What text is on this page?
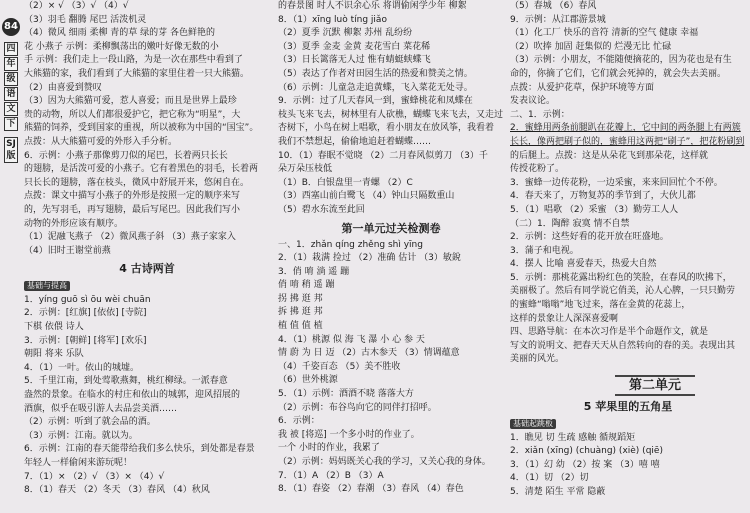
84
四
年
级
语
文
下
SJ版
（2）× √ （3）√ （4）√
（3）羽毛 翻腾 尾巴 活泼机灵
（4）微风 细雨 柔柳 青的草 绿的芽 各色鲜艳的
花 小燕子 示例：柔柳飘荡出的嫩叶好像无数的小
手 示例：我们走上一段山路，为是一次在那些中看到了
大熊猫的家，我们看到了大熊猫的家里住着一只大熊猫。
（2）由喜爱到赞叹
（3）因为大熊猫可爱，惹人喜爱；而且是世界上最珍
贵的动物，所以人们都很爱护它，把它称为“明星”，大
熊猫的饲养，受到国家的重视，所以被称为中国的“国宝”。
点拨：从大熊猫可爱的外形入手分析。
6．示例：小燕子那像剪刀似的尾巴，长着两只长长
的翅膀，是活泼可爱的小燕子。它有着黑色的羽毛，长着两
只长长的翅膀，落在枝头，微风中舒展开来，悠闲自在。
点拨：课文中描写小燕子的外形是按照一定的顺序来写
的，先写羽毛，再写翅膀，最后写尾巴。因此我们写小
动物的外形应该有顺序。
（1）泥融飞燕子 （2）微风燕子斜 （3）燕子家家入
（4）旧时王谢堂前燕
4 古诗两首
基础与提高
1．yíng guō sì ōu wèi chuān
2．示例：[红旗] [依依] [寺院]
下棋 依偎 诗人
3．示例：[朝鲜] [将军] [欢乐]
朝阳 将来 乐队
4．（1）一叶。依山的城墟。
5．千里江南，到处莺歌燕舞，桃红柳绿。一派春意
盎然的景象。在临水的村庄和依山的城郭，迎风招展的
酒旗，似乎在吸引游人去品尝美酒……
（2）示例：听到了就会品的酒。
（3）示例：江南。就以为。
6．示例：江南的春天能带给我们多么快乐，到处都是春景
年轻人一样偷闲来游玩呢！
7．（1）× （2）√ （3）× （4）√
8．（1）春天 （2）冬天 （3）春风 （4）秋风
的春景图 时人不识余心乐 将谓偷闲学少年 柳絮
8．（1）xīng luò tíng jiǎo
（2）夏季 沉默 柳絮 苏州 乱纷纷
（3）夏季 金麦 金黄 麦花雪白 菜花稀
（3）日长篱落无人过 惟有蜻蜓蛱蝶飞
（5）表达了作者对田园生活的热爱和赞美之情。
（6）示例：儿童急走追黄蝶，飞入菜花无处寻。
9．示例：过了几天春风一到，蜜蜂桃花和凤蝶在
枝头飞来飞去，树林里有人砍樵，蝴蝶飞来飞去，又走过
杏树下，小鸟在树上唱歌，看小朋友在放风筝，我看着
我们不禁想起，偷偷地追赶着蝴蝶……
10．（1）春眠不觉晓 （2）二月春风似剪刀 （3）千
朵万朵压枝低
（1）B．白银盘里一青螺 （2）C
（3）西塞山前白鹭飞 （4）钟山只隔数重山
（5）碧水东流至此回
第一单元过关检测卷
一、1．zhǎn qíng zhěng shì yīng
2．（1）栽满 捡过 （2）准确 估计 （3）敏銳
3．俏 唷 淌 遥 蹦
俏 唷 稍 遥 蹦
拐 拂 逛 邦
拆 拂 逛 邦
植 值 值 植
4．（1）桃源 似 海 飞 瀑 小 心 参 天
情 蔚 为 日 迈 （2）古木参天 （3）情调蕴意
（4）千姿百态 （5）美不胜收
（6）世外桃源
5．（1）示例：酒酒不晓 落落大方
（2）示例：布谷鸟向它的同伴打招呼。
6．示例：
我 被 [将巡] 一个多小时的作业了。
一个 小时的作业，我累了
（2）示例：妈妈既关心我的学习，又关心我的身体。
7．（1）A （2）B （3）A
8．（1）春姿 （2）春潮 （3）春风 （4）春色
（5）春城 （6）春风
9．示例：从江郡游景城
（1）化工厂 快乐的音符 清新的空气 健康 幸福
（2）吹捧 加固 赶集似的 烂漫无比 忙碌
（3）示例：小朋友，不能随便摘花的，因为花也是有生
命的，你摘了它们，它们就会死掉的，就会失去美丽。
点拨：从爱护花草，保护环境等方面
发表议论。
二、1．示例：
2．蜜蜂用两条前腿趴在花瓣上，它中间的两条腿上有两簇
长长，像两把刷子似的，蜜蜂用这两把“刷子”，把花粉刷到
的后腿上。点拨：这是从朵花飞到那朵花，这样就
传授花粉了。
3．蜜蜂一边传花粉，一边采蜜，来来回回忙个不停。
4．春天来了，万物复苏的季节到了，大伙儿都
5．（1）唱歌 （2）采蜜 （3）勤劳工人人
（二）1．陶醉 寂寞 情不自禁
2．示例：这些好看的花开放在旺盛地。
3．蒲子和电视。
4．摆人 比喻 喜爱春天，热爱大自然
5．示例：那桃花露出粉红色的笑脸，在春风的吹拂下，
美丽极了。然后有同学说它俏美，沁人心脾，一只只勤劳
的蜜蜂“嗡嗡”地飞过来，落在金黄的花蕊上，
这样的景象让人深深喜爱啊
四、思路导航：在本次习作是半个命题作文，就是
写文的说明文、把春天天从自然转向的春的美。表现出其
美丽的风光。
第二单元
5 苹果里的五角星
基础起跳板
1．瞧见 切 生疏 感触 循规蹈矩
2．xiǎn (xīng) (chuàng) (xiè) (qiē)
3．（1）幻 幼 （2）按 案 （3）嘻 嘻
4．（1）切 （2）切
5．清楚 陌生 平常 隐蔽
